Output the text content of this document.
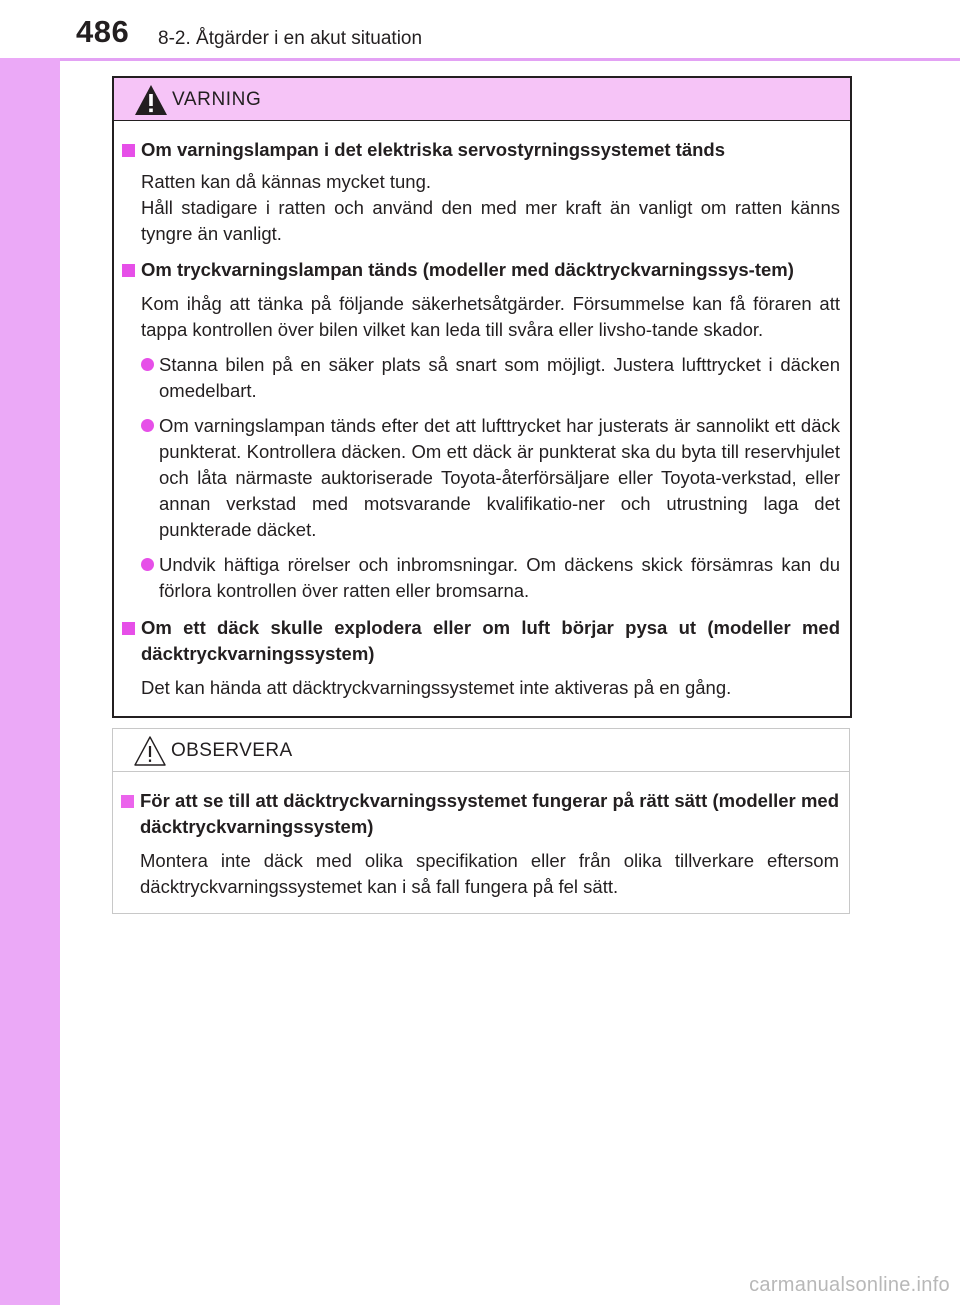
486 8-2. Åtgärder i en akut situation
VARNING
Om varningslampan i det elektriska servostyrningssystemet tänds
Ratten kan då kännas mycket tung.
Håll stadigare i ratten och använd den med mer kraft än vanligt om ratten känns tyngre än vanligt.
Om tryckvarningslampan tänds (modeller med däcktryckvarningssys-tem)
Kom ihåg att tänka på följande säkerhetsåtgärder. Försummelse kan få föraren att tappa kontrollen över bilen vilket kan leda till svåra eller livsho-tande skador.
Stanna bilen på en säker plats så snart som möjligt. Justera lufttrycket i däcken omedelbart.
Om varningslampan tänds efter det att lufttrycket har justerats är sannolikt ett däck punkterat. Kontrollera däcken. Om ett däck är punkterat ska du byta till reservhjulet och låta närmaste auktoriserade Toyota-återförsäljare eller Toyota-verkstad, eller annan verkstad med motsvarande kvalifikatio-ner och utrustning laga det punkterade däcket.
Undvik häftiga rörelser och inbromsningar. Om däckens skick försämras kan du förlora kontrollen över ratten eller bromsarna.
Om ett däck skulle explodera eller om luft börjar pysa ut (modeller med däcktryckvarningssystem)
Det kan hända att däcktryckvarningssystemet inte aktiveras på en gång.
OBSERVERA
För att se till att däcktryckvarningssystemet fungerar på rätt sätt (modeller med däcktryckvarningssystem)
Montera inte däck med olika specifikation eller från olika tillverkare eftersom däcktryckvarningssystemet kan i så fall fungera på fel sätt.
carmanualsonline.info
